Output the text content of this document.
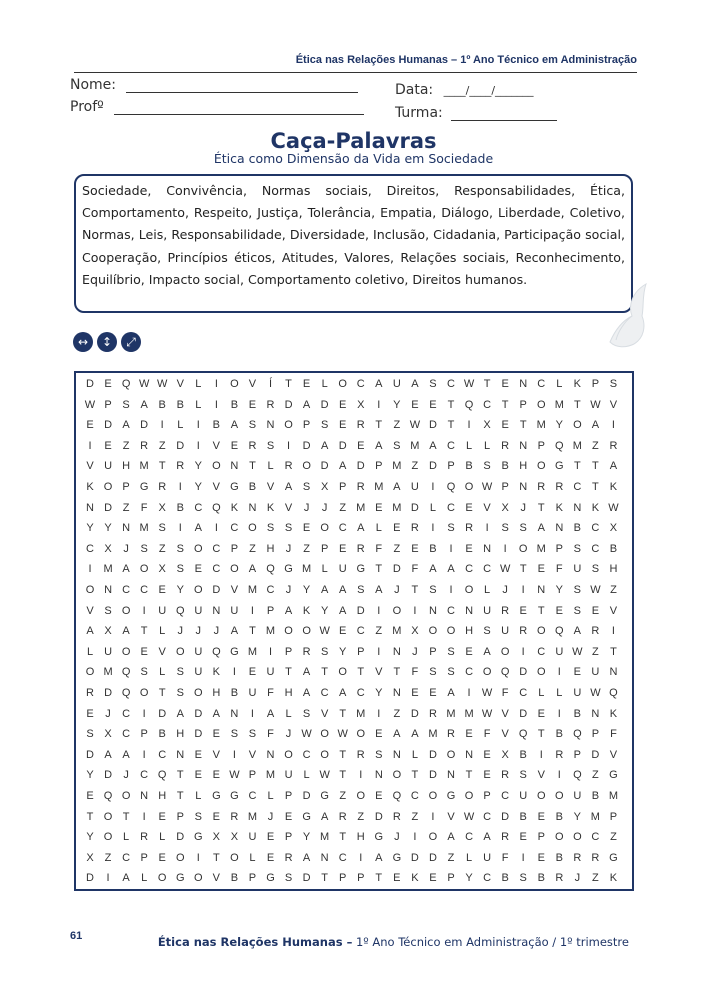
Ética nas Relações Humanas – 1º Ano Técnico em Administração
Nome:
Profº
Data: ____/____/_______
Turma:
Caça-Palavras
Ética como Dimensão da Vida em Sociedade
Sociedade, Convivência, Normas sociais, Direitos, Responsabilidades, Ética, Comportamento, Respeito, Justiça, Tolerância, Empatia, Diálogo, Liberdade, Coletivo, Normas, Leis, Responsabilidade, Diversidade, Inclusão, Cidadania, Participação social, Cooperação, Princípios éticos, Atitudes, Valores, Relações sociais, Reconhecimento, Equilíbrio, Impacto social, Comportamento coletivo, Direitos humanos.
↔	↕	⤢
D E Q W W V	L	I	O V	Í	T	E	L O C A U A S C W T	E N C	L	K P S
W P S A B B	L	I	B E R D A D E X	I	Y E E	T Q C T	P O M T W V
E D A D	I	L	I	B A S N O P S E R T	Z W D T	I	X E	T M Y O A	I
I	E	Z R Z D	I	V E R S	I	D A D E A S M A C	L	L	R N P Q M Z R
V U H M T R Y O N T	L	R O D A D P M Z D P B S B H O G T	T	A
K O P G R	I	Y V G B V A S X P R M A U	I	Q O W P N R R C T	K
N D Z	F	X B C Q K N K V	J	J	Z M E M D	L	C E V X	J	T	K N K W
Y Y N M S	I	A	I	C O S S E O C A	L	E R	I	S R	I	S S A N B C X
C X	J	S	Z	S O C P	Z H	J	Z	P E R F	Z	E B	I	E N	I	O M P S C B
I	M A O X S E C O A Q G M L	U G T D F	A A C C W T	E	F U S H
O N C C E Y O D V M C	J	Y A A S A	J	T	S	I	O L	J	I	N Y S W Z
V S O	I	U Q U N U	I	P A K Y A D	I	O	I	N C N U R E	T	E S E V
A X A	T	L	J	J	J	A	T M O O W E C Z M X O O H S U R O Q A R	I
L	U O E V O U Q G M	I	P R S Y P	I	N	J	P S E A O	I	C U W Z	T
O M Q S	L	S U K	I	E U T	A	T O T	V	T	F	S S C O Q D O	I	E U N
R D Q O T	S O H B U F H A C A C Y N E E A	I	W F C	L	L	U W Q
E	J	C	I	D A D A N	I	A	L	S V	T M	I	Z D R M M W V D E	I	B N K
S X C P B H D E S S	F	J W O W O E A A M R E	F	V Q T	B Q P	F
D A A	I	C N E V	I	V N O C O T R S N	L	D O N E X B	I	R P D V
Y D	J	C Q T	E E W P M U	L W T	I	N O T D N T	E R S V	I	Q Z G
E Q O N H T	L G G C	L	P D G Z O E Q C O G O P C U O O U B M
T O T	I	E P S E R M J	E G A R Z D R Z	I	V W C D B E B Y M P
Y O L	R	L	D G X X U E P Y M T H G	J	I	O A C A R E P O O C Z
X	Z C P E O	I	T O L	E R A N C	I	A G D D Z	L	U F	I	E B R R G
D	I	A	L O G O V B P G S D T	P P	T	E K E P Y C B S B R	J	Z	K
61	Ética nas Relações Humanas – 1º Ano Técnico em Administração / 1º trimestre
